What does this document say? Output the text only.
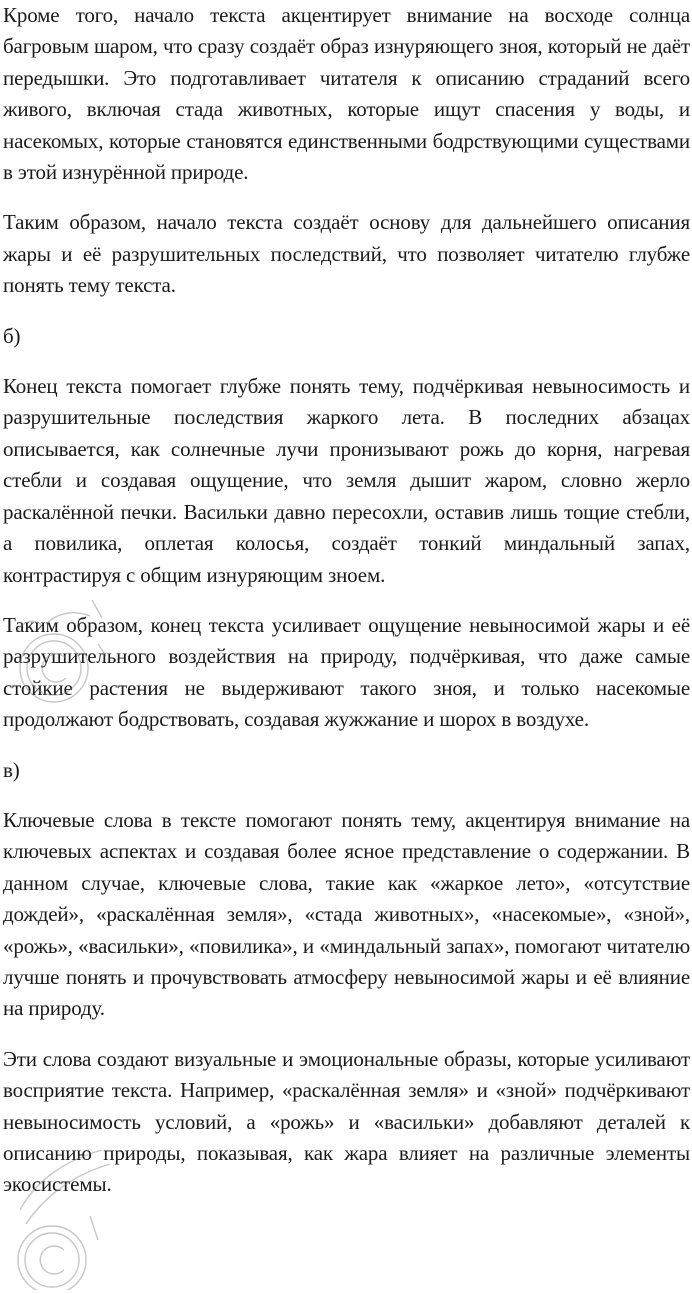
Кроме того, начало текста акцентирует внимание на восходе солнца багровым шаром, что сразу создаёт образ изнуряющего зноя, который не даёт передышки. Это подготавливает читателя к описанию страданий всего живого, включая стада животных, которые ищут спасения у воды, и насекомых, которые становятся единственными бодрствующими существами в этой изнурённой природе.

Таким образом, начало текста создаёт основу для дальнейшего описания жары и её разрушительных последствий, что позволяет читателю глубже понять тему текста.

б)

Конец текста помогает глубже понять тему, подчёркивая невыносимость и разрушительные последствия жаркого лета. В последних абзацах описывается, как солнечные лучи пронизывают рожь до корня, нагревая стебли и создавая ощущение, что земля дышит жаром, словно жерло раскалённой печки. Васильки давно пересохли, оставив лишь тощие стебли, а повилика, оплетая колосья, создаёт тонкий миндальный запах, контрастируя с общим изнуряющим зноем.

Таким образом, конец текста усиливает ощущение невыносимой жары и её разрушительного воздействия на природу, подчёркивая, что даже самые стойкие растения не выдерживают такого зноя, и только насекомые продолжают бодрствовать, создавая жужжание и шорох в воздухе.

в)

Ключевые слова в тексте помогают понять тему, акцентируя внимание на ключевых аспектах и создавая более ясное представление о содержании. В данном случае, ключевые слова, такие как «жаркое лето», «отсутствие дождей», «раскалённая земля», «стада животных», «насекомые», «зной», «рожь», «васильки», «повилика», и «миндальный запах», помогают читателю лучше понять и прочувствовать атмосферу невыносимой жары и её влияние на природу.

Эти слова создают визуальные и эмоциональные образы, которые усиливают восприятие текста. Например, «раскалённая земля» и «зной» подчёркивают невыносимость условий, а «рожь» и «васильки» добавляют деталей к описанию природы, показывая, как жара влияет на различные элементы экосистемы.
